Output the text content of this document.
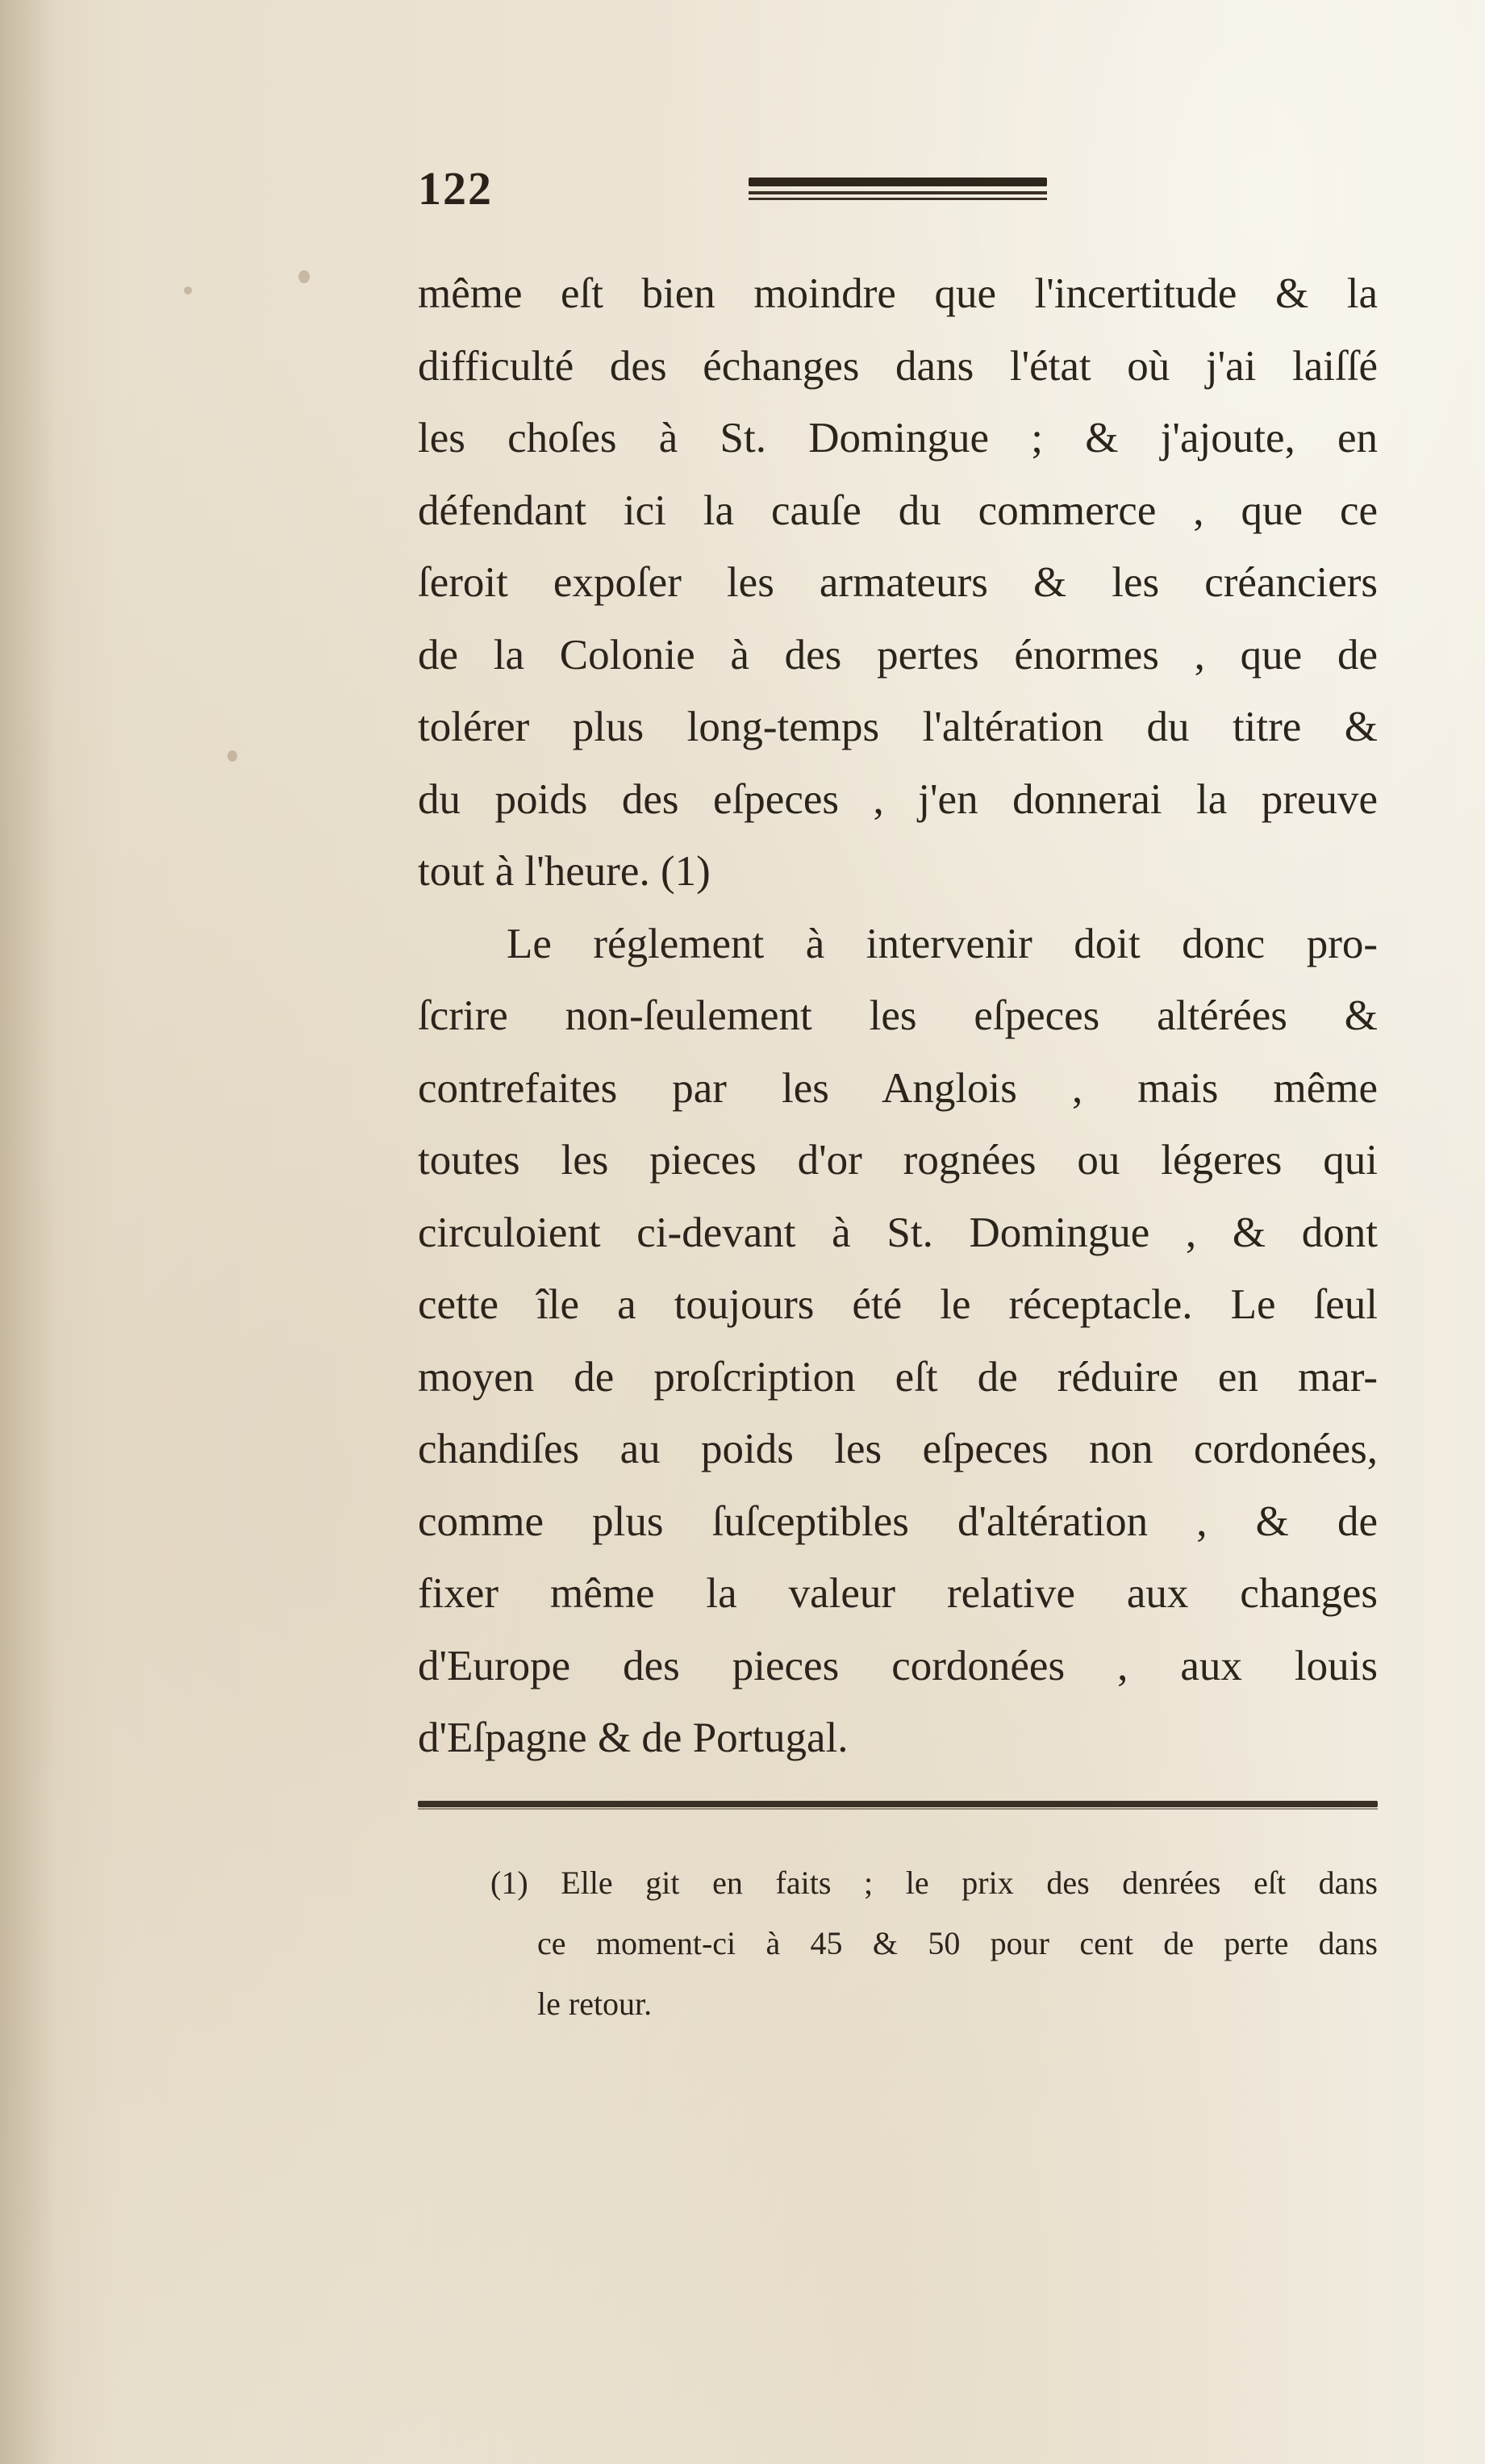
122
même eſt bien moindre que l'incertitude & la
difficulté des échanges dans l'état où j'ai laiſſé
les choſes à St. Domingue ; & j'ajoute, en
défendant ici la cauſe du commerce , que ce
ſeroit expoſer les armateurs & les créanciers
de la Colonie à des pertes énormes , que de
tolérer plus long-temps l'altération du titre &
du poids des eſpeces , j'en donnerai la preuve
tout à l'heure. (1)
Le réglement à intervenir doit donc pro-
ſcrire non-ſeulement les eſpeces altérées &
contrefaites par les Anglois , mais même
toutes les pieces d'or rognées ou légeres qui
circuloient ci-devant à St. Domingue , & dont
cette île a toujours été le réceptacle. Le ſeul
moyen de proſcription eſt de réduire en mar-
chandiſes au poids les eſpeces non cordonées,
comme plus ſuſceptibles d'altération , & de
fixer même la valeur relative aux changes
d'Europe des pieces cordonées , aux louis
d'Eſpagne & de Portugal.
(1) Elle git en faits ; le prix des denrées eſt dans
ce moment-ci à 45 & 50 pour cent de perte dans
le retour.
